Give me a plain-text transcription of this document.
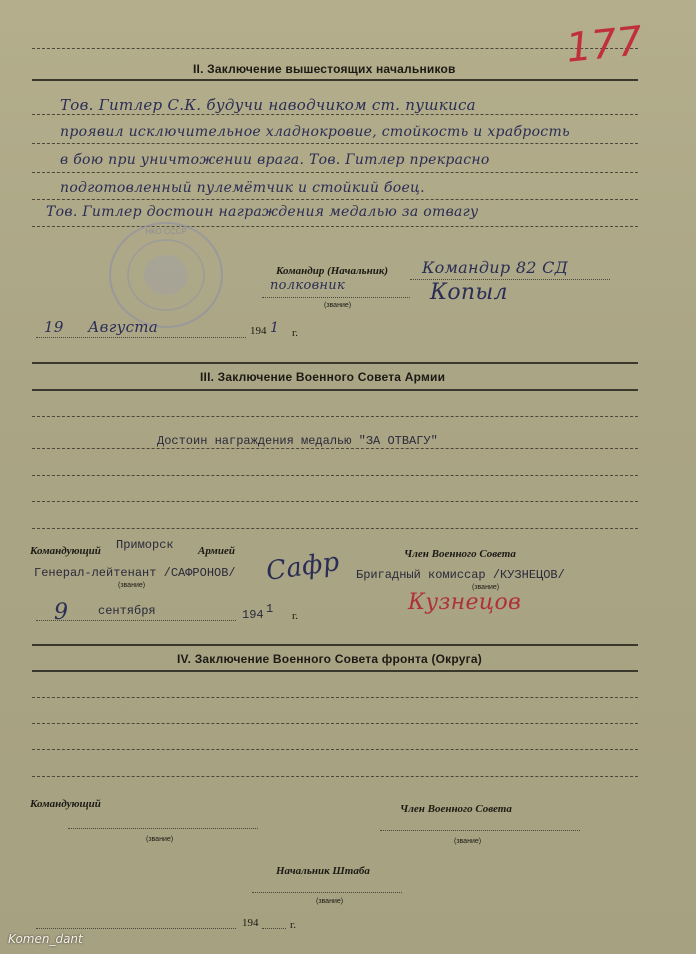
177
II. Заключение вышестоящих начальников
Тов. Гитлер С.К. будучи наводчиком ст. пушкиса
проявил исключительное хладнокровие, стойкость и храбрость
в бою при уничтожении врага. Тов. Гитлер прекрасно
подготовленный пулемётчик и стойкий боец.
Тов. Гитлер достоин награждения медалью за отвагу
НКО СССР
Командир (Начальник) Командир 82 СД
полковник
(звание)
Копыл
19 Августа	194 1 г.
III. Заключение Военного Совета Армии
Достоин награждения медалью "ЗА ОТВАГУ"
Командующий Приморск Армией	Член Военного Совета
Генерал-лейтенант /САФРОНОВ/
(звание)
Бригадный комиссар /КУЗНЕЦОВ/
(звание)
Сафр
Кузнецов
9 сентября	194 1 г.
IV. Заключение Военного Совета фронта (Округа)
Командующий
(звание)
Член Военного Совета
(звание)
Начальник Штаба
(звание)
194	г.
Komen_dant
